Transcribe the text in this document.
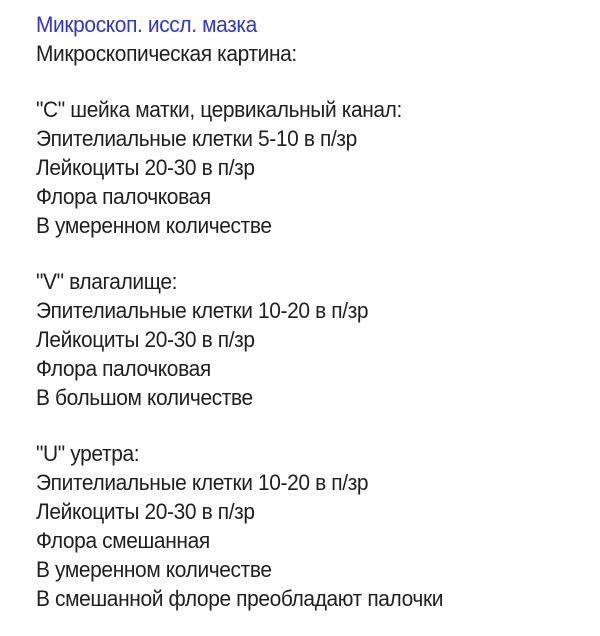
Микроскоп. иссл. мазка
Микроскопическая картина:
"C" шейка матки, цервикальный канал:
Эпителиальные клетки 5-10 в п/зр
Лейкоциты 20-30 в п/зр
Флора палочковая
В умеренном количестве
"V" влагалище:
Эпителиальные клетки 10-20 в п/зр
Лейкоциты 20-30 в п/зр
Флора палочковая
В большом количестве
"U" уретра:
Эпителиальные клетки 10-20 в п/зр
Лейкоциты 20-30 в п/зр
Флора смешанная
В умеренном количестве
В смешанной флоре преобладают палочки
